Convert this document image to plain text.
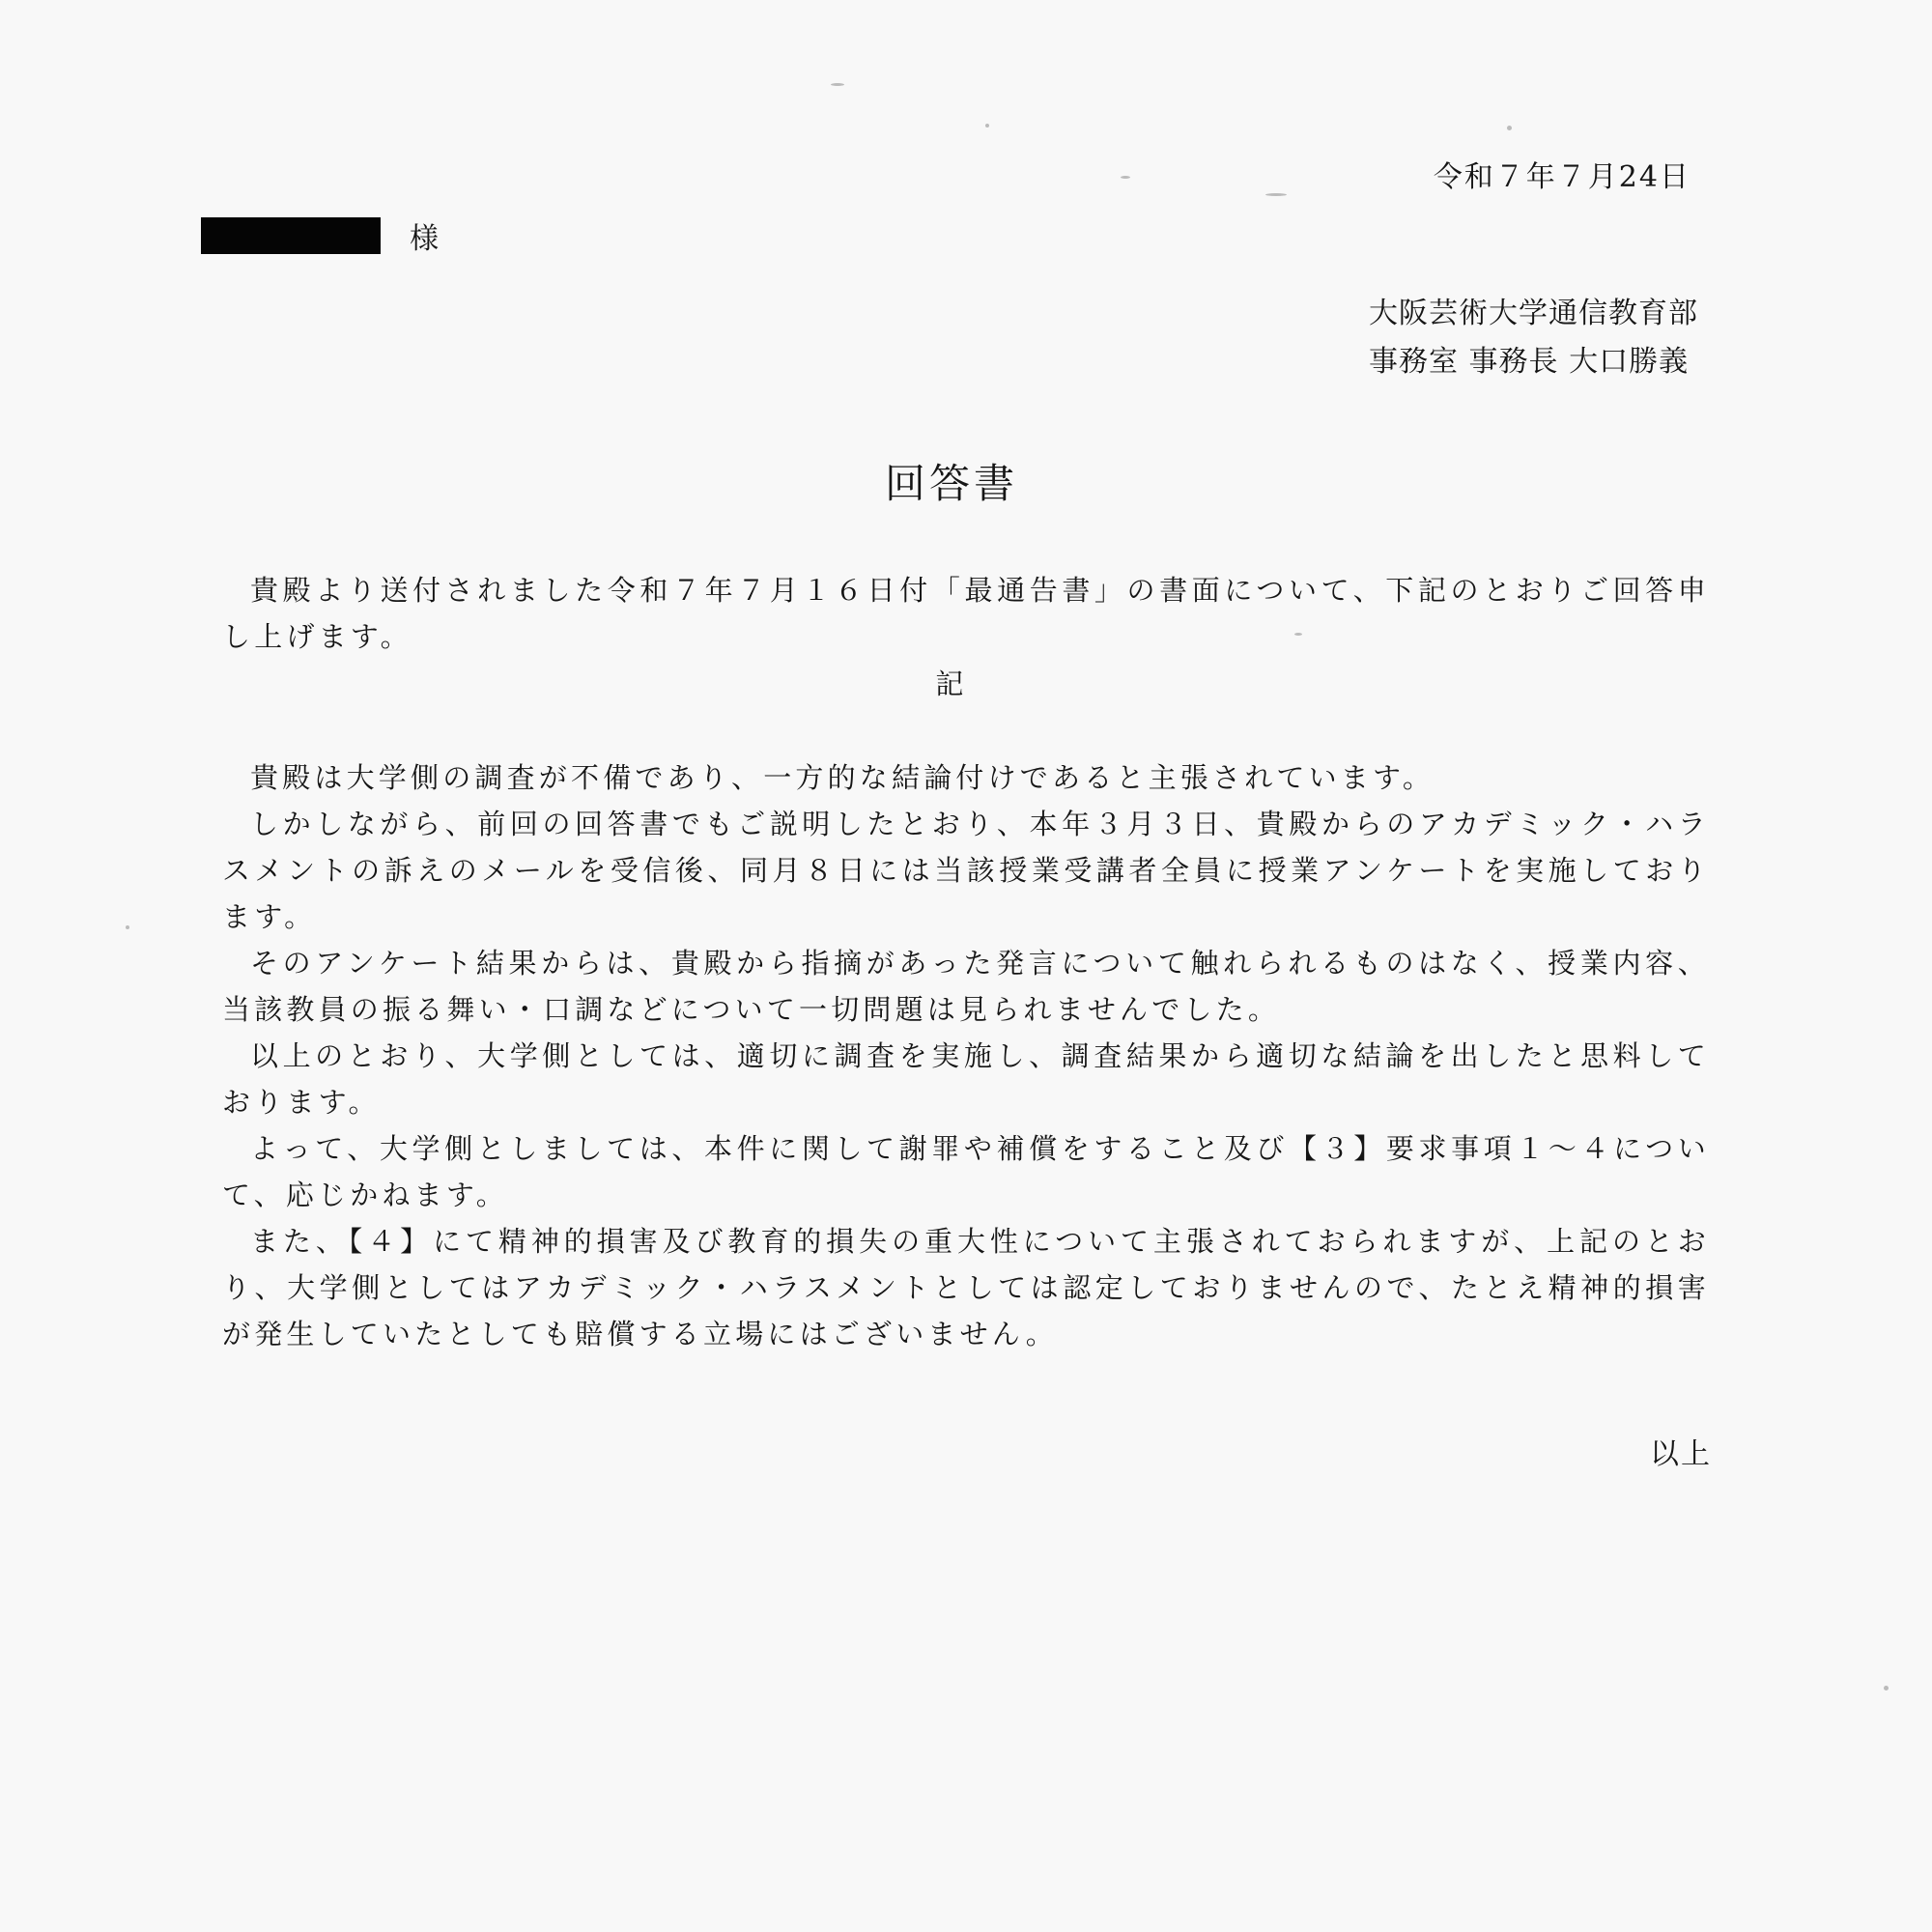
令和７年７月24日
様
大阪芸術大学通信教育部
事務室 事務長 大口勝義
回答書

貴殿より送付されました令和７年７月１６日付「最通告書」の書面について、下記のとおりご回答申し上げます。

記

貴殿は大学側の調査が不備であり、一方的な結論付けであると主張されています。

しかしながら、前回の回答書でもご説明したとおり、本年３月３日、貴殿からのアカデミック・ハラスメントの訴えのメールを受信後、同月８日には当該授業受講者全員に授業アンケートを実施しております。

そのアンケート結果からは、貴殿から指摘があった発言について触れられるものはなく、授業内容、当該教員の振る舞い・口調などについて一切問題は見られませんでした。

以上のとおり、大学側としては、適切に調査を実施し、調査結果から適切な結論を出したと思料しております。

よって、大学側としましては、本件に関して謝罪や補償をすること及び【３】要求事項１～４について、応じかねます。

また、【４】にて精神的損害及び教育的損失の重大性について主張されておられますが、上記のとおり、大学側としてはアカデミック・ハラスメントとしては認定しておりませんので、たとえ精神的損害が発生していたとしても賠償する立場にはございません。

以上
